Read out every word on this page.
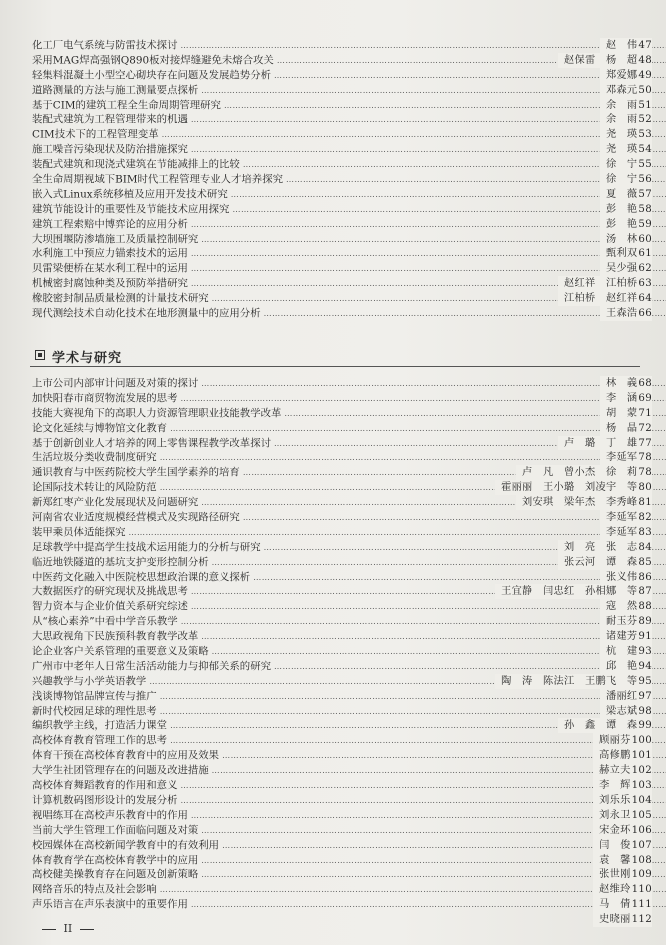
化工厂电气系统与防雷技术探讨 ……………………………………………………………………………………………………………………………………………………………………………………………………	赵　伟47
采用MAG焊高强钢Q890板对接焊缝避免未熔合攻关 ……………………………………………………………………………………………………………………………………………………………………………………………………	赵保雷　杨　超48
轻集料混凝土小型空心砌块存在问题及发展趋势分析 ……………………………………………………………………………………………………………………………………………………………………………………………………	郑爱娜49
道路测量的方法与施工测量要点探析 ……………………………………………………………………………………………………………………………………………………………………………………………………	邓森元50
基于CIM的建筑工程全生命周期管理研究 ……………………………………………………………………………………………………………………………………………………………………………………………………	余　雨51
装配式建筑为工程管理带来的机遇 ……………………………………………………………………………………………………………………………………………………………………………………………………	余　雨52
CIM技术下的工程管理变革 ……………………………………………………………………………………………………………………………………………………………………………………………………	尧　瑛53
施工噪音污染现状及防治措施探究 ……………………………………………………………………………………………………………………………………………………………………………………………………	尧　瑛54
装配式建筑和现浇式建筑在节能减排上的比较 ……………………………………………………………………………………………………………………………………………………………………………………………………	徐　宁55
全生命周期视域下BIM时代工程管理专业人才培养探究 ……………………………………………………………………………………………………………………………………………………………………………………………………	徐　宁56
嵌入式Linux系统移植及应用开发技术研究 ……………………………………………………………………………………………………………………………………………………………………………………………………	夏　薇57
建筑节能设计的重要性及节能技术应用探究 ……………………………………………………………………………………………………………………………………………………………………………………………………	彭　艳58
建筑工程索赔中博弈论的应用分析 ……………………………………………………………………………………………………………………………………………………………………………………………………	彭　艳59
大坝围堰防渗墙施工及质量控制研究 ……………………………………………………………………………………………………………………………………………………………………………………………………	汤　林60
水利施工中预应力锚索技术的运用 ……………………………………………………………………………………………………………………………………………………………………………………………………	甄利双61
贝雷梁便桥在某水利工程中的运用 ……………………………………………………………………………………………………………………………………………………………………………………………………	吴少强62
机械密封腐蚀种类及预防举措研究 ……………………………………………………………………………………………………………………………………………………………………………………………………	赵红祥　江柏桥63
橡胶密封制品质量检测的计量技术研究 ……………………………………………………………………………………………………………………………………………………………………………………………………	江柏桥　赵红祥64
现代测绘技术自动化技术在地形测量中的应用分析 ……………………………………………………………………………………………………………………………………………………………………………………………………	王森浩66
学术与研究
上市公司内部审计问题及对策的探讨 ……………………………………………………………………………………………………………………………………………………………………………………………………	林　義68
加快阳春市商贸物流发展的思考 ……………………………………………………………………………………………………………………………………………………………………………………………………	李　涵69
技能大赛视角下的高职人力资源管理职业技能教学改革 ……………………………………………………………………………………………………………………………………………………………………………………………………	胡　蒙71
论文化延续与博物馆文化教育 ……………………………………………………………………………………………………………………………………………………………………………………………………	杨　晶72
基于创新创业人才培养的网上零售课程教学改革探讨 ……………………………………………………………………………………………………………………………………………………………………………………………………	卢　璐　丁　雄77
生活垃圾分类收费制度研究 ……………………………………………………………………………………………………………………………………………………………………………………………………	李延军78
通识教育与中医药院校大学生国学素养的培育 ……………………………………………………………………………………………………………………………………………………………………………………………………	卢　凡　曾小杰　徐　莉78
论国际技术转让的风险防范 ……………………………………………………………………………………………………………………………………………………………………………………………………	霍丽丽　王小璐　刘凌宇　等80
新郑红枣产业化发展现状及问题研究 ……………………………………………………………………………………………………………………………………………………………………………………………………	刘安琪　梁年杰　李秀峰81
河南省农业适度规模经营模式及实现路径研究 ……………………………………………………………………………………………………………………………………………………………………………………………………	李延军82
装甲乘员体适能探究 ……………………………………………………………………………………………………………………………………………………………………………………………………	李延军83
足球教学中提高学生技战术运用能力的分析与研究 ……………………………………………………………………………………………………………………………………………………………………………………………………	刘　亮　张　志84
临近地铁隧道的基坑支护变形控制分析 ……………………………………………………………………………………………………………………………………………………………………………………………………	张云河　谭　森85
中医药文化融入中医院校思想政治课的意义探析 ……………………………………………………………………………………………………………………………………………………………………………………………………	张义伟86
大数据医疗的研究现状及挑战思考 ……………………………………………………………………………………………………………………………………………………………………………………………………	王宜静　闫忠红　孙相娜　等87
智力资本与企业价值关系研究综述 ……………………………………………………………………………………………………………………………………………………………………………………………………	寇　然88
从“核心素养”中看中学音乐教学 ……………………………………………………………………………………………………………………………………………………………………………………………………	耐玉芬89
大思政视角下民族预科教育教学改革 ……………………………………………………………………………………………………………………………………………………………………………………………………	诸建芳91
论企业客户关系管理的重要意义及策略 ……………………………………………………………………………………………………………………………………………………………………………………………………	杭　建93
广州市中老年人日常生活活动能力与抑郁关系的研究 ……………………………………………………………………………………………………………………………………………………………………………………………………	邱　艳94
兴趣教学与小学英语教学 ……………………………………………………………………………………………………………………………………………………………………………………………………	陶　涛　陈法江　王鹏飞　等95
浅谈博物馆品牌宣传与推广 ……………………………………………………………………………………………………………………………………………………………………………………………………	潘丽红97
新时代校园足球的理性思考 ……………………………………………………………………………………………………………………………………………………………………………………………………	梁志斌98
编织教学主线，打造活力课堂 ……………………………………………………………………………………………………………………………………………………………………………………………………	孙　鑫　谭　森99
高校体育教育管理工作的思考 ……………………………………………………………………………………………………………………………………………………………………………………………………	顾丽芬100
体育干预在高校体育教育中的应用及效果 ……………………………………………………………………………………………………………………………………………………………………………………………………	高修鹏101
大学生社团管理存在的问题及改进措施 ……………………………………………………………………………………………………………………………………………………………………………………………………	赫立夫102
高校体育舞蹈教育的作用和意义 ……………………………………………………………………………………………………………………………………………………………………………………………………	李　辉103
计算机数码图形设计的发展分析 ……………………………………………………………………………………………………………………………………………………………………………………………………	刘乐乐104
视唱练耳在高校声乐教育中的作用 ……………………………………………………………………………………………………………………………………………………………………………………………………	刘永卫105
当前大学生管理工作面临问题及对策 ……………………………………………………………………………………………………………………………………………………………………………………………………	宋金环106
校园媒体在高校新闻学教育中的有效利用 ……………………………………………………………………………………………………………………………………………………………………………………………………	闫　俊107
体育教育学在高校体育教学中的应用 ……………………………………………………………………………………………………………………………………………………………………………………………………	袁　馨108
高校健美操教育存在问题及创新策略 ……………………………………………………………………………………………………………………………………………………………………………………………………	张世刚109
网络音乐的特点及社会影响 ……………………………………………………………………………………………………………………………………………………………………………………………………	赵维玲110
声乐语言在声乐表演中的重要作用 ……………………………………………………………………………………………………………………………………………………………………………………………………	马　倩111
史晓丽112
II
